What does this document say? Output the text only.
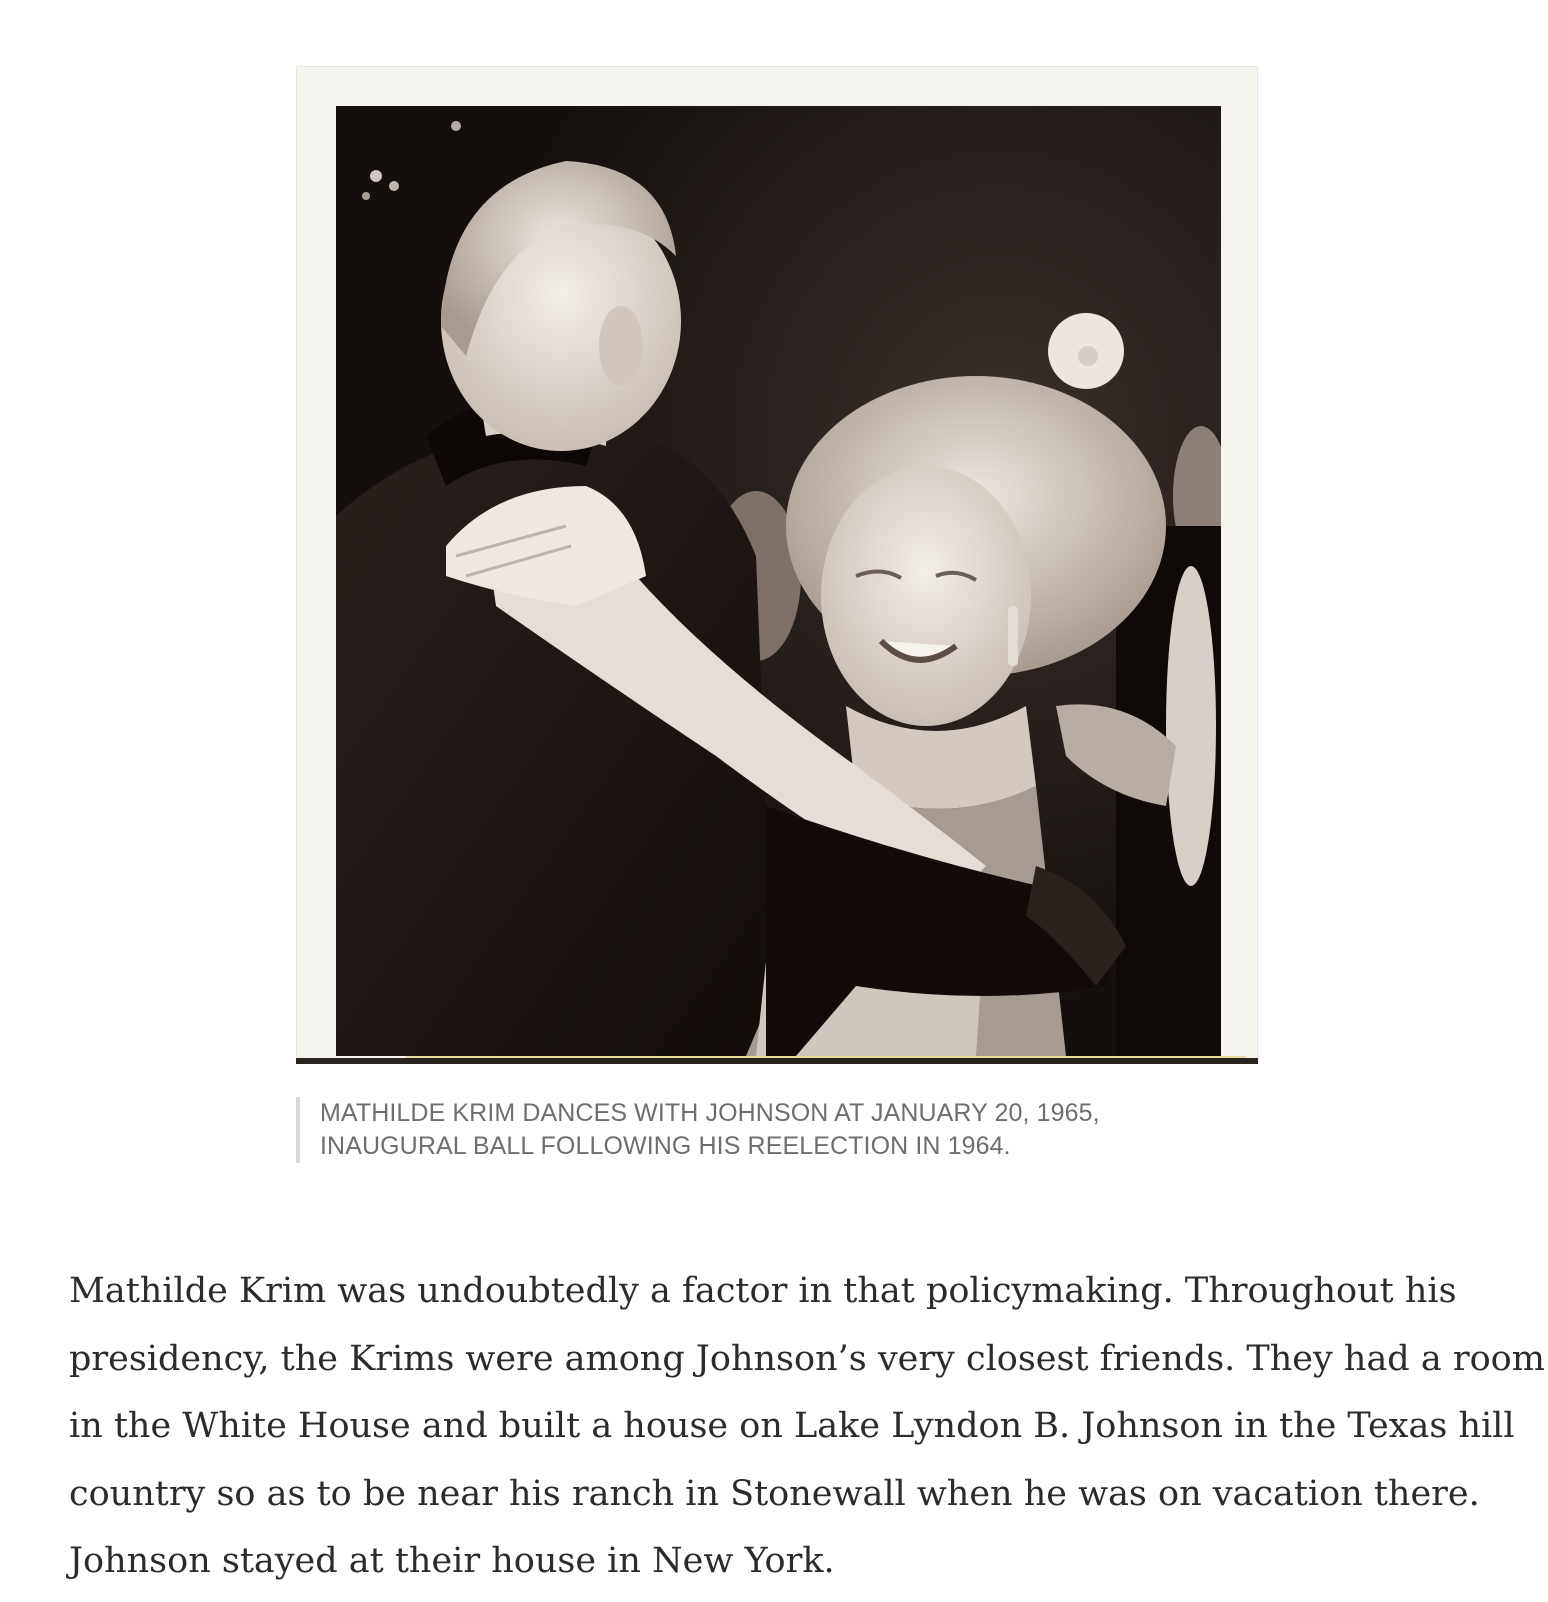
MATHILDE KRIM DANCES WITH JOHNSON AT JANUARY 20, 1965,
INAUGURAL BALL FOLLOWING HIS REELECTION IN 1964.

Mathilde Krim was undoubtedly a factor in that policymaking. Throughout his
presidency, the Krims were among Johnson’s very closest friends. They had a room
in the White House and built a house on Lake Lyndon B. Johnson in the Texas hill
country so as to be near his ranch in Stonewall when he was on vacation there.
Johnson stayed at their house in New York.
